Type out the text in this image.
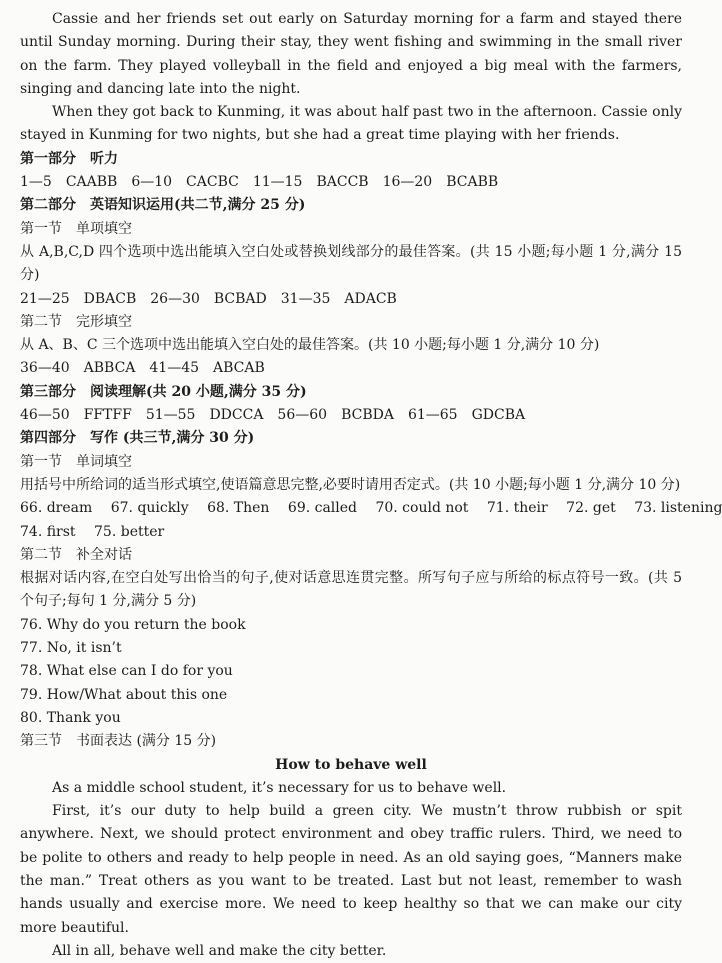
Cassie and her friends set out early on Saturday morning for a farm and stayed there until Sunday morning. During their stay, they went fishing and swimming in the small river on the farm. They played volleyball in the field and enjoyed a big meal with the farmers, singing and dancing late into the night.

When they got back to Kunming, it was about half past two in the afternoon. Cassie only stayed in Kunming for two nights, but she had a great time playing with her friends.

第一部分　听力

1—5　CAABB　6—10　CACBC　11—15　BACCB　16—20　BCABB

第二部分　英语知识运用(共二节,满分 25 分)

第一节　单项填空

从 A,B,C,D 四个选项中选出能填入空白处或替换划线部分的最佳答案。(共 15 小题;每小题 1 分,满分 15 分)

21—25　DBACB　26—30　BCBAD　31—35　ADACB

第二节　完形填空

从 A、B、C 三个选项中选出能填入空白处的最佳答案。(共 10 小题;每小题 1 分,满分 10 分)

36—40　ABBCA　41—45　ABCAB

第三部分　阅读理解(共 20 小题,满分 35 分)

46—50　FFTFF　51—55　DDCCA　56—60　BCBDA　61—65　GDCBA

第四部分　写作 (共三节,满分 30 分)

第一节　单词填空

用括号中所给词的适当形式填空,使语篇意思完整,必要时请用否定式。(共 10 小题;每小题 1 分,满分 10 分)

66. dream 67. quickly 68. Then 69. called 70. could not 71. their 72. get 73. listening

74. first 75. better

第二节　补全对话

根据对话内容,在空白处写出恰当的句子,使对话意思连贯完整。所写句子应与所给的标点符号一致。(共 5 个句子;每句 1 分,满分 5 分)

76. Why do you return the book

77. No, it isn’t

78. What else can I do for you

79. How/What about this one

80. Thank you

第三节　书面表达 (满分 15 分)

How to behave well

As a middle school student, it’s necessary for us to behave well.

First, it’s our duty to help build a green city. We mustn’t throw rubbish or spit anywhere. Next, we should protect environment and obey traffic rulers. Third, we need to be polite to others and ready to help people in need. As an old saying goes, “Manners make the man.” Treat others as you want to be treated. Last but not least, remember to wash hands usually and exercise more. We need to keep healthy so that we can make our city more beautiful.

All in all, behave well and make the city better.
